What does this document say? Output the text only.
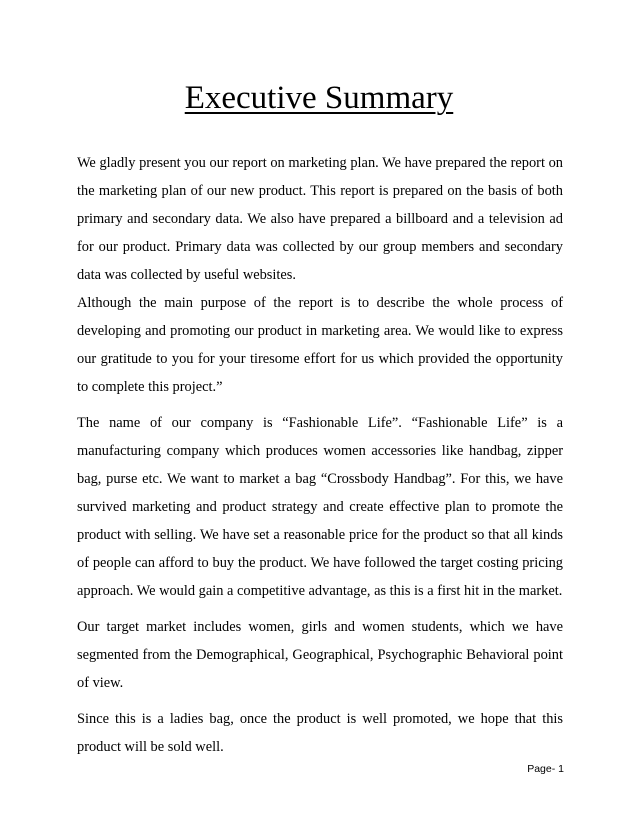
Executive Summary

We gladly present you our report on marketing plan. We have prepared the report on the marketing plan of our new product. This report is prepared on the basis of both primary and secondary data. We also have prepared a billboard and a television ad for our product. Primary data was collected by our group members and secondary data was collected by useful websites.

Although the main purpose of the report is to describe the whole process of developing and promoting our product in marketing area. We would like to express our gratitude to you for your tiresome effort for us which provided the opportunity to complete this project.”

The name of our company is “Fashionable Life”. “Fashionable Life” is a manufacturing company which produces women accessories like handbag, zipper bag, purse etc. We want to market a bag “Crossbody Handbag”. For this, we have survived marketing and product strategy and create effective plan to promote the product with selling. We have set a reasonable price for the product so that all kinds of people can afford to buy the product. We have followed the target costing pricing approach. We would gain a competitive advantage, as this is a first hit in the market.

Our target market includes women, girls and women students, which we have segmented from the Demographical, Geographical, Psychographic Behavioral point of view.

Since this is a ladies bag, once the product is well promoted, we hope that this product will be sold well.

Page- 1
